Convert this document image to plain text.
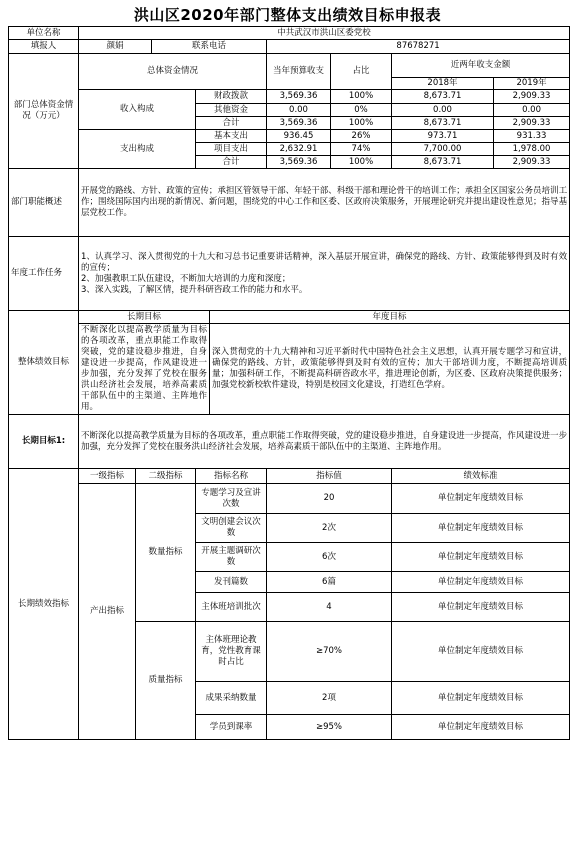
洪山区2020年部门整体支出绩效目标申报表
单位名称	中共武汉市洪山区委党校								
填报人	颜娟		联系电话			87678271			
部门总体资金情况（万元）	总体资金情况					当年预算收支	占比	近两年收支金额	
								2018年	2019年
	收入构成			财政拨款		3,569.36	100%	8,673.71	2,909.33
				其他资金		0.00	0%	0.00	0.00
				合计		3,569.36	100%	8,673.71	2,909.33
	支出构成			基本支出		936.45	26%	973.71	931.33
				项目支出		2,632.91	74%	7,700.00	1,978.00
				合计		3,569.36	100%	8,673.71	2,909.33
部门职能概述	开展党的路线、方针、政策的宣传；承担区管领导干部、年轻干部、科级干部和理论骨干的培训工作；承担全区国家公务员培训工作；围绕国际国内出现的新情况、新问题，围绕党的中心工作和区委、区政府决策服务，开展理论研究并提出建设性意见；指导基层党校工作。								
年度工作任务	1、认真学习、深入贯彻党的十九大和习总书记重要讲话精神，深入基层开展宣讲，确保党的路线、方针、政策能够得到及时有效的宣传；
2、加强教职工队伍建设，不断加大培训的力度和深度；
3、深入实践，了解区情，提升科研咨政工作的能力和水平。								

整体绩效目标	长期目标				年度目标				
	不断深化以提高教学质量为目标的各项改革，重点职能工作取得突破，党的建设稳步推进，自身建设进一步提高，作风建设进一步加强，充分发挥了党校在服务洪山经济社会发展，培养高素质干部队伍中的主渠道、主阵地作用。				深入贯彻党的十九大精神和习近平新时代中国特色社会主义思想，认真开展专题学习和宣讲，确保党的路线、方针，政策能够得到及时有效的宣传；加大干部培训力度，不断提高培训质量；加强科研工作，不断提高科研咨政水平，推进理论创新，为区委、区政府决策提供服务；加强党校新校软件建设，特别是校园文化建设，打造红色学府。				
长期目标1:	不断深化以提高教学质量为目标的各项改革，重点职能工作取得突破，党的建设稳步推进，自身建设进一步提高，作风建设进一步加强，充分发挥了党校在服务洪山经济社会发展，培养高素质干部队伍中的主渠道、主阵地作用。								
长期绩效指标	一级指标	二级指标		指标名称		指标值		绩效标准	
	产出指标	数量指标		专题学习及宣讲次数		20		单位制定年度绩效目标	
				文明创建会议次数		2次		单位制定年度绩效目标	
				开展主题调研次数		6次		单位制定年度绩效目标	
				发刊篇数		6篇		单位制定年度绩效目标	
				主体班培训批次		4		单位制定年度绩效目标	
		质量指标		主体班理论教育，党性教育课时占比		≥70%		单位制定年度绩效目标	
				成果采纳数量		2项		单位制定年度绩效目标	
				学员到课率		≥95%		单位制定年度绩效目标	
